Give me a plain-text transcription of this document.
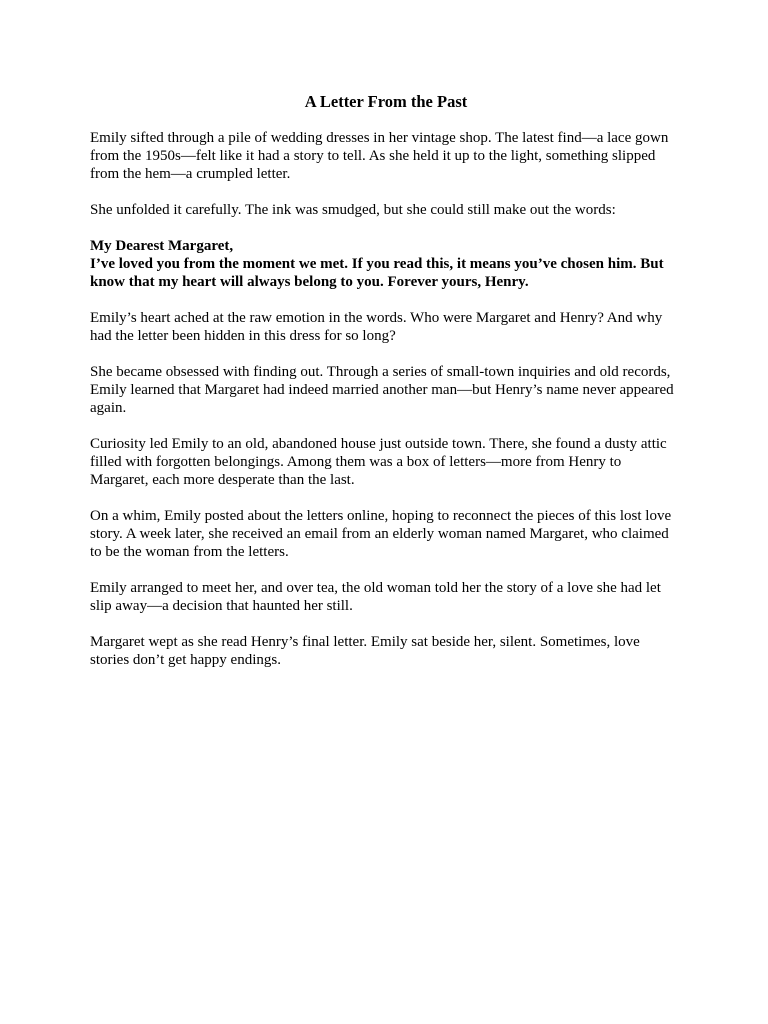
A Letter From the Past

Emily sifted through a pile of wedding dresses in her vintage shop. The latest find—a lace gown from the 1950s—felt like it had a story to tell. As she held it up to the light, something slipped from the hem—a crumpled letter.

She unfolded it carefully. The ink was smudged, but she could still make out the words:

My Dearest Margaret,
I’ve loved you from the moment we met. If you read this, it means you’ve chosen him. But know that my heart will always belong to you. Forever yours, Henry.

Emily’s heart ached at the raw emotion in the words. Who were Margaret and Henry? And why had the letter been hidden in this dress for so long?

She became obsessed with finding out. Through a series of small-town inquiries and old records, Emily learned that Margaret had indeed married another man—but Henry’s name never appeared again.

Curiosity led Emily to an old, abandoned house just outside town. There, she found a dusty attic filled with forgotten belongings. Among them was a box of letters—more from Henry to Margaret, each more desperate than the last.

On a whim, Emily posted about the letters online, hoping to reconnect the pieces of this lost love story. A week later, she received an email from an elderly woman named Margaret, who claimed to be the woman from the letters.

Emily arranged to meet her, and over tea, the old woman told her the story of a love she had let slip away—a decision that haunted her still.

Margaret wept as she read Henry’s final letter. Emily sat beside her, silent. Sometimes, love stories don’t get happy endings.
